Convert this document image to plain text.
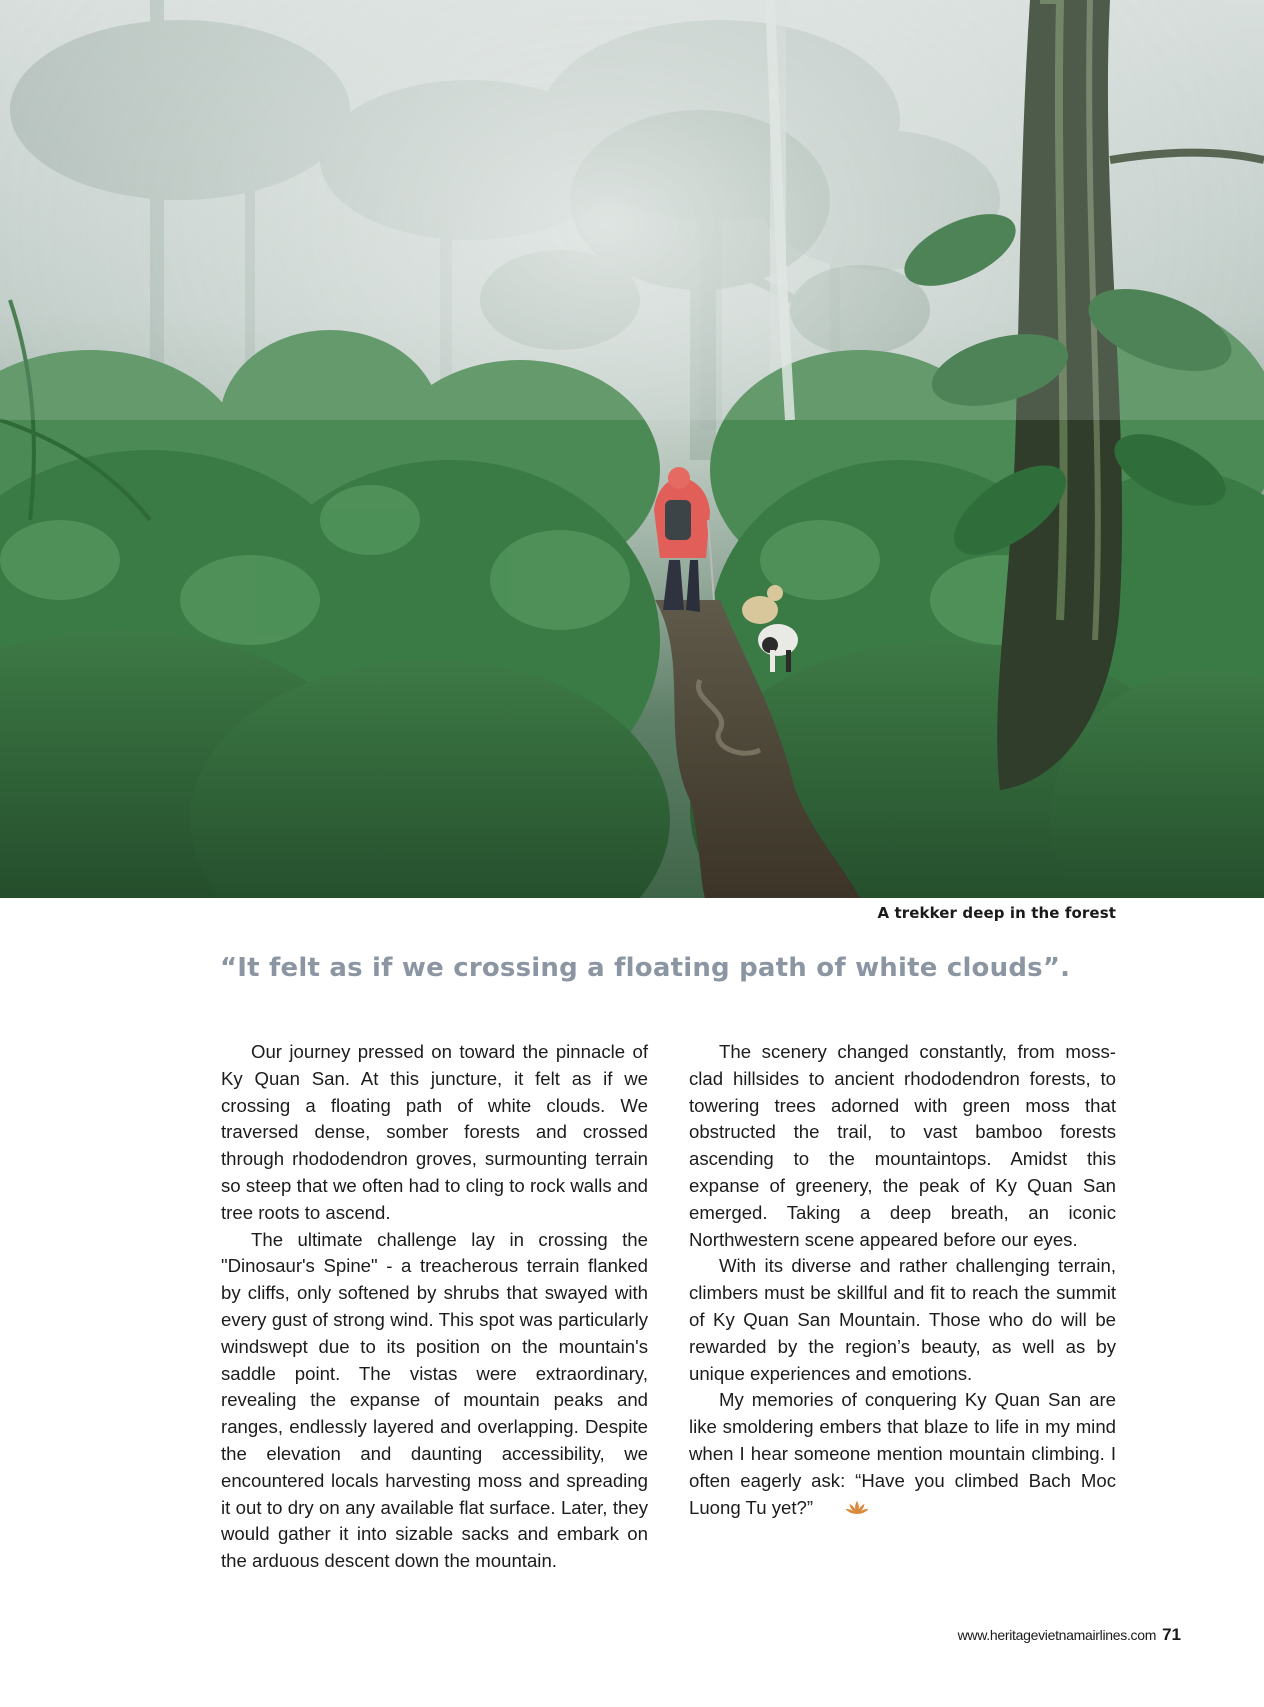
A trekker deep in the forest
“It felt as if we crossing a floating path of white clouds”.

Our journey pressed on toward the pinnacle of Ky Quan San. At this juncture, it felt as if we crossing a floating path of white clouds. We traversed dense, somber forests and crossed through rhododendron groves, surmounting terrain so steep that we often had to cling to rock walls and tree roots to ascend.

The ultimate challenge lay in crossing the "Dinosaur's Spine" - a treacherous terrain flanked by cliffs, only softened by shrubs that swayed with every gust of strong wind. This spot was particularly windswept due to its position on the mountain's saddle point. The vistas were extraordinary, revealing the expanse of mountain peaks and ranges, endlessly layered and overlapping. Despite the elevation and daunting accessibility, we encountered locals harvesting moss and spreading it out to dry on any available flat surface. Later, they would gather it into sizable sacks and embark on the arduous descent down the mountain.

The scenery changed constantly, from moss-clad hillsides to ancient rhododendron forests, to towering trees adorned with green moss that obstructed the trail, to vast bamboo forests ascending to the mountaintops. Amidst this expanse of greenery, the peak of Ky Quan San emerged. Taking a deep breath, an iconic Northwestern scene appeared before our eyes.

With its diverse and rather challenging terrain, climbers must be skillful and fit to reach the summit of Ky Quan San Mountain. Those who do will be rewarded by the region’s beauty, as well as by unique experiences and emotions.

My memories of conquering Ky Quan San are like smoldering embers that blaze to life in my mind when I hear someone mention mountain climbing. I often eagerly ask: “Have you climbed Bach Moc Luong Tu yet?”

www.heritagevietnamairlines.com 71
